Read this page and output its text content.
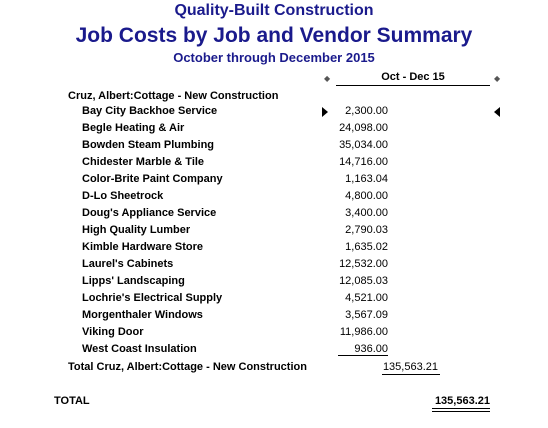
Quality-Built Construction
Job Costs by Job and Vendor Summary
October through December 2015
◆	Oct - Dec 15	◆
Cruz, Albert:Cottage - New Construction
Bay City Backhoe Service	2,300.00
Begle Heating & Air	24,098.00
Bowden Steam Plumbing	35,034.00
Chidester Marble & Tile	14,716.00
Color-Brite Paint Company	1,163.04
D-Lo Sheetrock	4,800.00
Doug's Appliance Service	3,400.00
High Quality Lumber	2,790.03
Kimble Hardware Store	1,635.02
Laurel's Cabinets	12,532.00
Lipps' Landscaping	12,085.03
Lochrie's Electrical Supply	4,521.00
Morgenthaler Windows	3,567.09
Viking Door	11,986.00
West Coast Insulation	936.00
Total Cruz, Albert:Cottage - New Construction	135,563.21
TOTAL	135,563.21
